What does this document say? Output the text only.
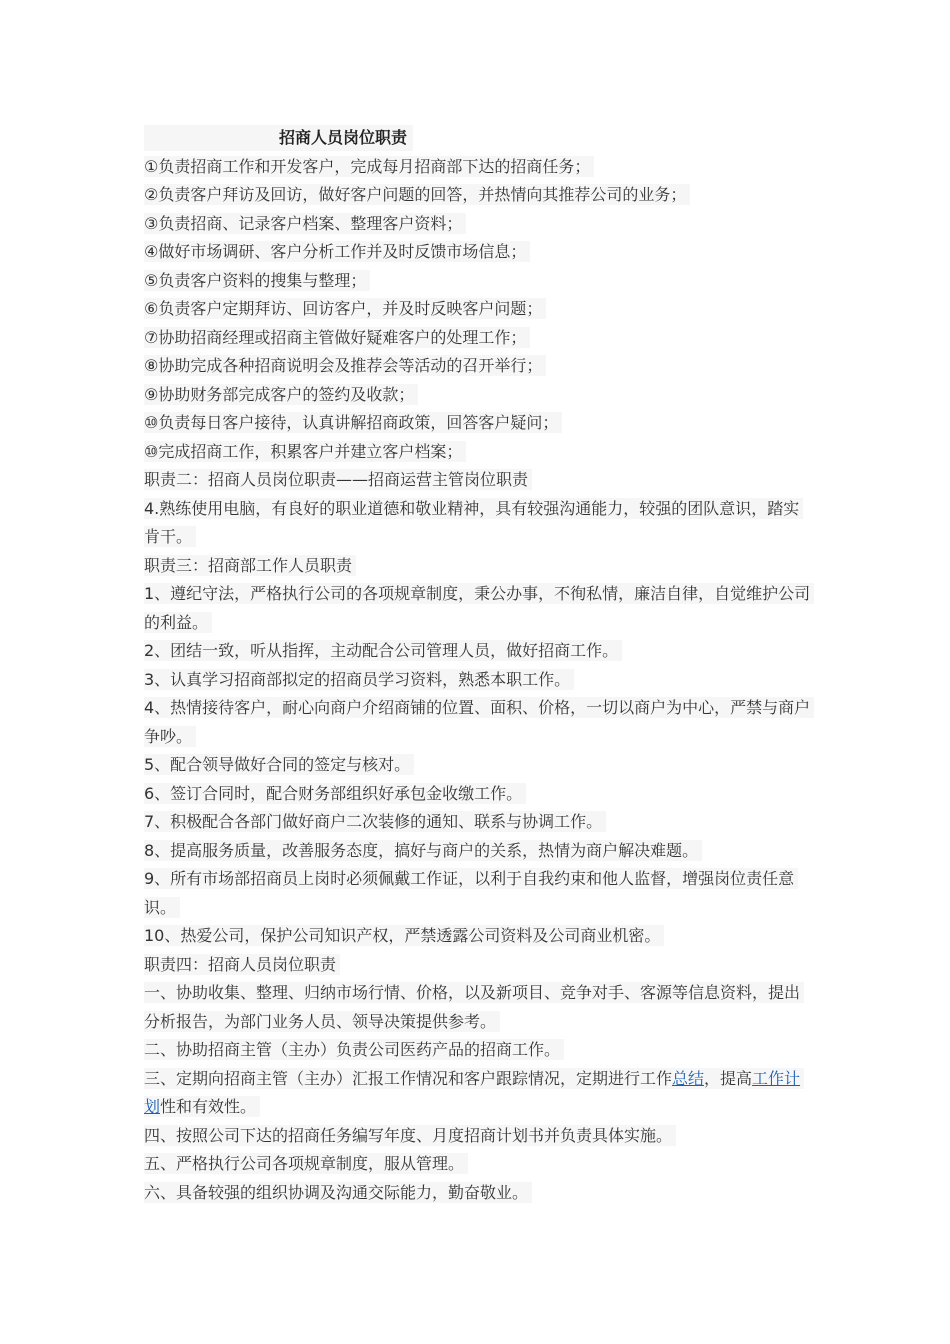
招商人员岗位职责

①负责招商工作和开发客户，完成每月招商部下达的招商任务；

②负责客户拜访及回访，做好客户问题的回答，并热情向其推荐公司的业务；

③负责招商、记录客户档案、整理客户资料；

④做好市场调研、客户分析工作并及时反馈市场信息；

⑤负责客户资料的搜集与整理；

⑥负责客户定期拜访、回访客户，并及时反映客户问题；

⑦协助招商经理或招商主管做好疑难客户的处理工作；

⑧协助完成各种招商说明会及推荐会等活动的召开举行；

⑨协助财务部完成客户的签约及收款；

⑩负责每日客户接待，认真讲解招商政策，回答客户疑问；

⑩完成招商工作，积累客户并建立客户档案；

职责二：招商人员岗位职责——招商运营主管岗位职责

4.熟练使用电脑，有良好的职业道德和敬业精神，具有较强沟通能力，较强的团队意识，踏实肯干。

职责三：招商部工作人员职责

1、遵纪守法，严格执行公司的各项规章制度，秉公办事，不徇私情，廉洁自律，自觉维护公司的利益。

2、团结一致，听从指挥，主动配合公司管理人员，做好招商工作。

3、认真学习招商部拟定的招商员学习资料，熟悉本职工作。

4、热情接待客户，耐心向商户介绍商铺的位置、面积、价格，一切以商户为中心，严禁与商户争吵。

5、配合领导做好合同的签定与核对。

6、签订合同时，配合财务部组织好承包金收缴工作。

7、积极配合各部门做好商户二次装修的通知、联系与协调工作。

8、提高服务质量，改善服务态度，搞好与商户的关系，热情为商户解决难题。

9、所有市场部招商员上岗时必须佩戴工作证，以利于自我约束和他人监督，增强岗位责任意识。

10、热爱公司，保护公司知识产权，严禁透露公司资料及公司商业机密。

职责四：招商人员岗位职责

一、协助收集、整理、归纳市场行情、价格，以及新项目、竞争对手、客源等信息资料，提出分析报告，为部门业务人员、领导决策提供参考。

二、协助招商主管（主办）负责公司医药产品的招商工作。

三、定期向招商主管（主办）汇报工作情况和客户跟踪情况，定期进行工作总结，提高工作计划性和有效性。

四、按照公司下达的招商任务编写年度、月度招商计划书并负责具体实施。

五、严格执行公司各项规章制度，服从管理。

六、具备较强的组织协调及沟通交际能力，勤奋敬业。
